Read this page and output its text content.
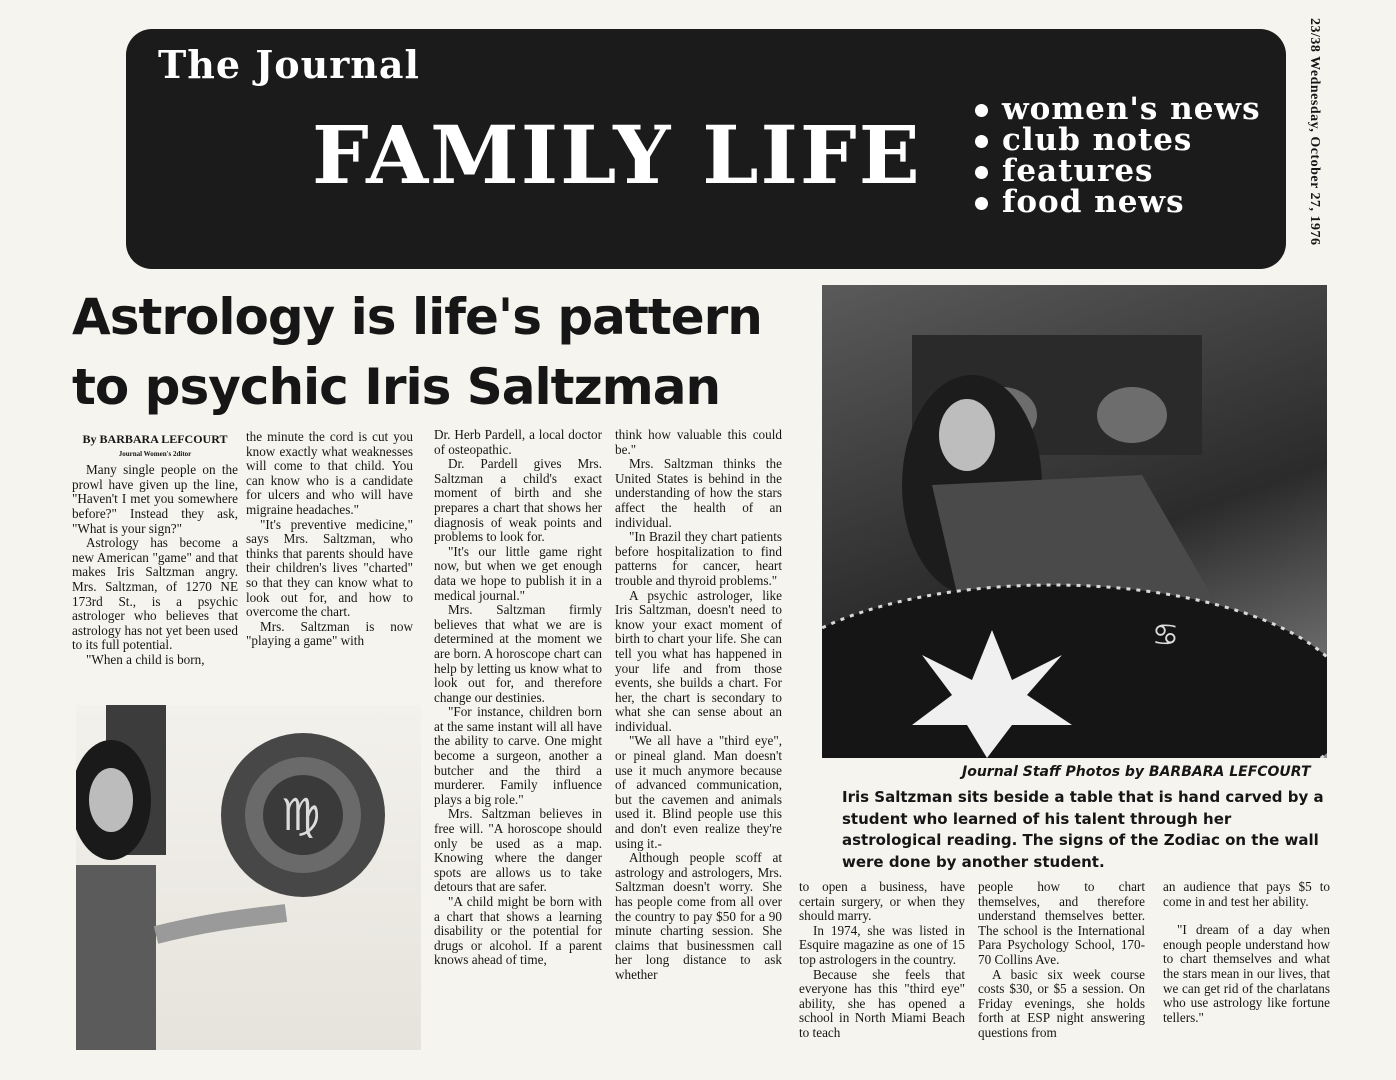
The Journal
FAMILY LIFE	women's news
club notes
features
food news	23/38 Wednesday, October 27, 1976
Astrology is life's pattern
to psychic Iris Saltzman
By BARBARA LEFCOURT
Journal Women's 2ditor

Many single people on the prowl have given up the line, "Haven't I met you somewhere before?" Instead they ask, "What is your sign?"

Astrology has become a new American "game" and that makes Iris Saltzman angry. Mrs. Saltzman, of 1270 NE 173rd St., is a psychic astrologer who believes that astrology has not yet been used to its full potential.

"When a child is born,

the minute the cord is cut you know exactly what weaknesses will come to that child. You can know who is a candidate for ulcers and who will have migraine headaches."

"It's preventive medicine," says Mrs. Saltzman, who thinks that parents should have their children's lives "charted" so that they can know what to look out for, and how to overcome the chart.

Mrs. Saltzman is now "playing a game" with

Dr. Herb Pardell, a local doctor of osteopathic.

Dr. Pardell gives Mrs. Saltzman a child's exact moment of birth and she prepares a chart that shows her diagnosis of weak points and problems to look for.

"It's our little game right now, but when we get enough data we hope to publish it in a medical journal."

Mrs. Saltzman firmly believes that what we are is determined at the moment we are born. A horoscope chart can help by letting us know what to look out for, and therefore change our destinies.

"For instance, children born at the same instant will all have the ability to carve. One might become a surgeon, another a butcher and the third a murderer. Family influence plays a big role."

Mrs. Saltzman believes in free will. "A horoscope should only be used as a map. Knowing where the danger spots are allows us to take detours that are safer.

"A child might be born with a chart that shows a learning disability or the potential for drugs or alcohol. If a parent knows ahead of time,

think how valuable this could be."

Mrs. Saltzman thinks the United States is behind in the understanding of how the stars affect the health of an individual.

"In Brazil they chart patients before hospitalization to find patterns for cancer, heart trouble and thyroid problems."

A psychic astrologer, like Iris Saltzman, doesn't need to know your exact moment of birth to chart your life. She can tell you what has happened in your life and from those events, she builds a chart. For her, the chart is secondary to what she can sense about an individual.

"We all have a "third eye", or pineal gland. Man doesn't use it much anymore because of advanced communication, but the cavemen and animals used it. Blind people use this and don't even realize they're using it.-

Although people scoff at astrology and astrologers, Mrs. Saltzman doesn't worry. She has people come from all over the country to pay $50 for a 90 minute charting session. She claims that businessmen call her long distance to ask whether

♋
♍
Journal Staff Photos by BARBARA LEFCOURT
Iris Saltzman sits beside a table that is hand carved by a student who learned of his talent through her astrological reading. The signs of the Zodiac on the wall were done by another student.

to open a business, have certain surgery, or when they should marry.

In 1974, she was listed in Esquire magazine as one of 15 top astrologers in the country.

Because she feels that everyone has this "third eye" ability, she has opened a school in North Miami Beach to teach

people how to chart themselves, and therefore understand themselves better. The school is the International Para Psychology School, 170-70 Collins Ave.

A basic six week course costs $30, or $5 a session. On Friday evenings, she holds forth at ESP night answering questions from

an audience that pays $5 to come in and test her ability.

"I dream of a day when enough people understand how to chart themselves and what the stars mean in our lives, that we can get rid of the charlatans who use astrology like fortune tellers."
